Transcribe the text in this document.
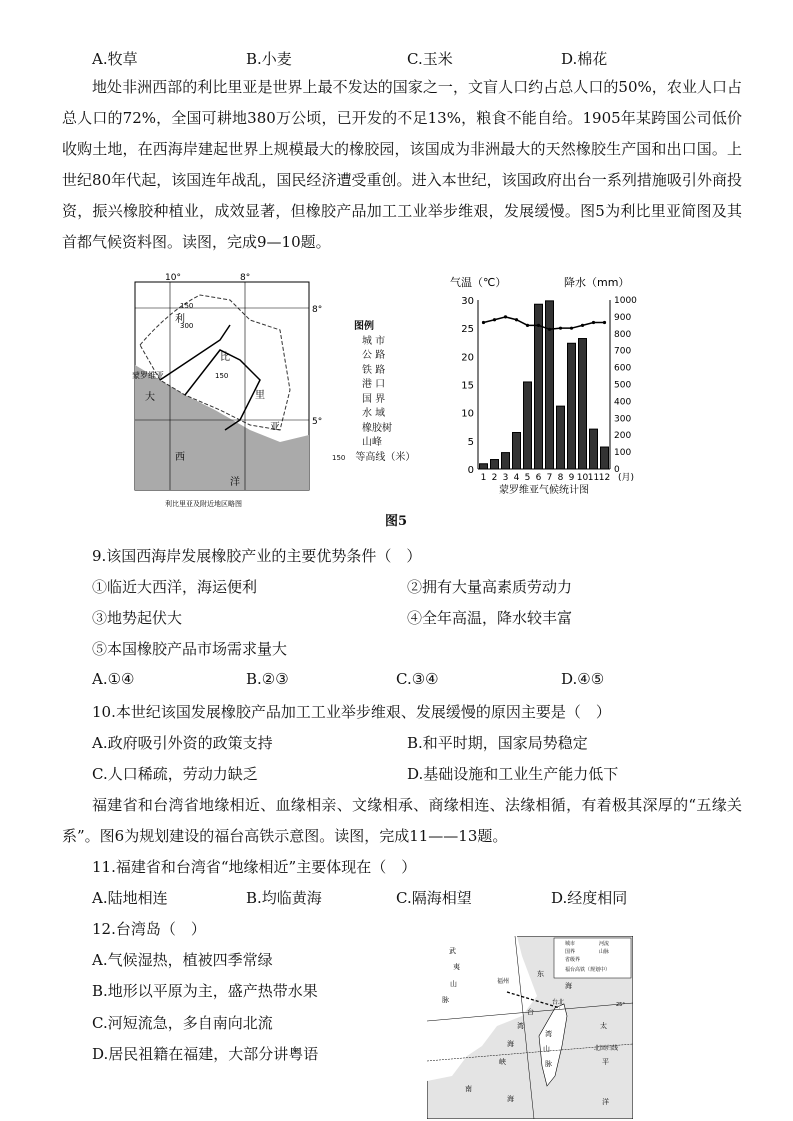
A.牧草	B.小麦	C.玉米	D.棉花
地处非洲西部的利比里亚是世界上最不发达的国家之一，文盲人口约占总人口的50%，农业人口占总人口的72%，全国可耕地380万公顷，已开发的不足13%，粮食不能自给。1905年某跨国公司低价收购土地，在西海岸建起世界上规模最大的橡胶园，该国成为非洲最大的天然橡胶生产国和出口国。上世纪80年代起，该国连年战乱，国民经济遭受重创。进入本世纪，该国政府出台一系列措施吸引外商投资，振兴橡胶种植业，成效显著，但橡胶产品加工工业举步维艰，发展缓慢。图5为利比里亚简图及其首都气候资料图。读图，完成9—10题。
10°	8°
8°
5°
利
比
里
亚
大
西
洋
蒙罗维亚
150
300
150
利比里亚及附近地区略图
图例
城 市
公 路
铁 路
港 口
国 界
水 域
橡胶树
山峰
150 等高线（米）
气温（℃）	降水（mm）
0
5
10
15
20
25
30
0
100
200
300
400
500
600
700
800
900
1000
1 2 3 4 5 6 7 8 9 10 11 12 (月)
蒙罗维亚气候统计图
图5
9.该国西海岸发展橡胶产业的主要优势条件（　）
①临近大西洋，海运便利	②拥有大量高素质劳动力
③地势起伏大	④全年高温，降水较丰富
⑤本国橡胶产品市场需求量大
A.①④	B.②③	C.③④	D.④⑤
10.本世纪该国发展橡胶产品加工工业举步维艰、发展缓慢的原因主要是（　）
A.政府吸引外资的政策支持	B.和平时期，国家局势稳定
C.人口稀疏，劳动力缺乏	D.基础设施和工业生产能力低下
福建省和台湾省地缘相近、血缘相亲、文缘相承、商缘相连、法缘相循，有着极其深厚的“五缘关系”。图6为规划建设的福台高铁示意图。读图，完成11——13题。
11.福建省和台湾省“地缘相近”主要体现在（　）
A.陆地相连	B.均临黄海	C.隔海相望	D.经度相同
12.台湾岛（　）
A.气候湿热，植被四季常绿
B.地形以平原为主，盛产热带水果
C.河短流急，多自南向北流
D.居民祖籍在福建，大部分讲粤语
城市	河流
国界	山脉
省级界
福台高铁（规划中）
武
夷
山
脉
福州
东
海
台北
台
湾
海
峡
湾
山
脉
太
平
洋
南
海
北回归线
25°
